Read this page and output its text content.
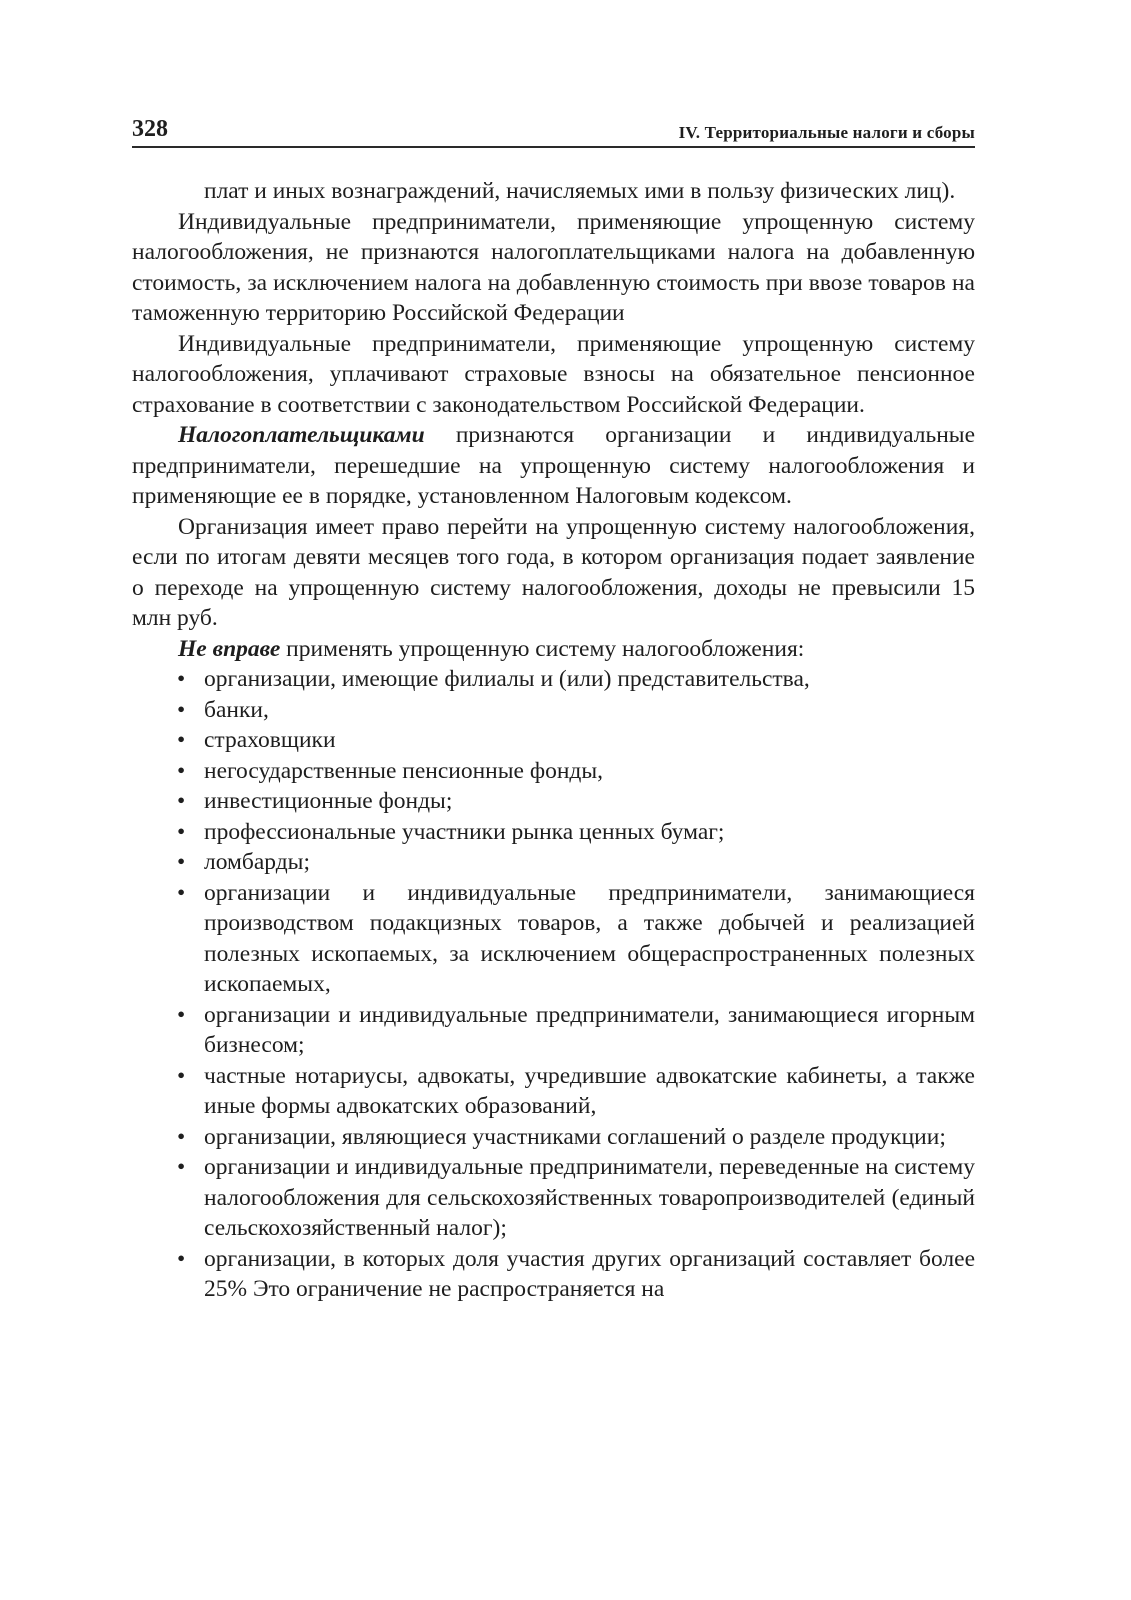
328	IV. Территориальные налоги и сборы

плат и иных вознаграждений, начисляемых ими в пользу физических лиц).

Индивидуальные предприниматели, применяющие упрощенную систему налогообложения, не признаются налогоплательщиками налога на добавленную стоимость, за исключением налога на добавленную стоимость при ввозе товаров на таможенную территорию Российской Федерации

Индивидуальные предприниматели, применяющие упрощенную систему налогообложения, уплачивают страховые взносы на обязательное пенсионное страхование в соответствии с законодательством Российской Федерации.

Налогоплательщиками признаются организации и индивидуальные предприниматели, перешедшие на упрощенную систему налогообложения и применяющие ее в порядке, установленном Налоговым кодексом.

Организация имеет право перейти на упрощенную систему налогообложения, если по итогам девяти месяцев того года, в котором организация подает заявление о переходе на упрощенную систему налогообложения, доходы не превысили 15 млн руб.

Не вправе применять упрощенную систему налогообложения:

• организации, имеющие филиалы и (или) представительства,
• банки,
• страховщики
• негосударственные пенсионные фонды,
• инвестиционные фонды;
• профессиональные участники рынка ценных бумаг;
• ломбарды;
• организации и индивидуальные предприниматели, занимающиеся производством подакцизных товаров, а также добычей и реализацией полезных ископаемых, за исключением общераспространенных полезных ископаемых,
• организации и индивидуальные предприниматели, занимающиеся игорным бизнесом;
• частные нотариусы, адвокаты, учредившие адвокатские кабинеты, а также иные формы адвокатских образований,
• организации, являющиеся участниками соглашений о разделе продукции;
• организации и индивидуальные предприниматели, переведенные на систему налогообложения для сельскохозяйственных товаропроизводителей (единый сельскохозяйственный налог);
• организации, в которых доля участия других организаций составляет более 25% Это ограничение не распространяется на
